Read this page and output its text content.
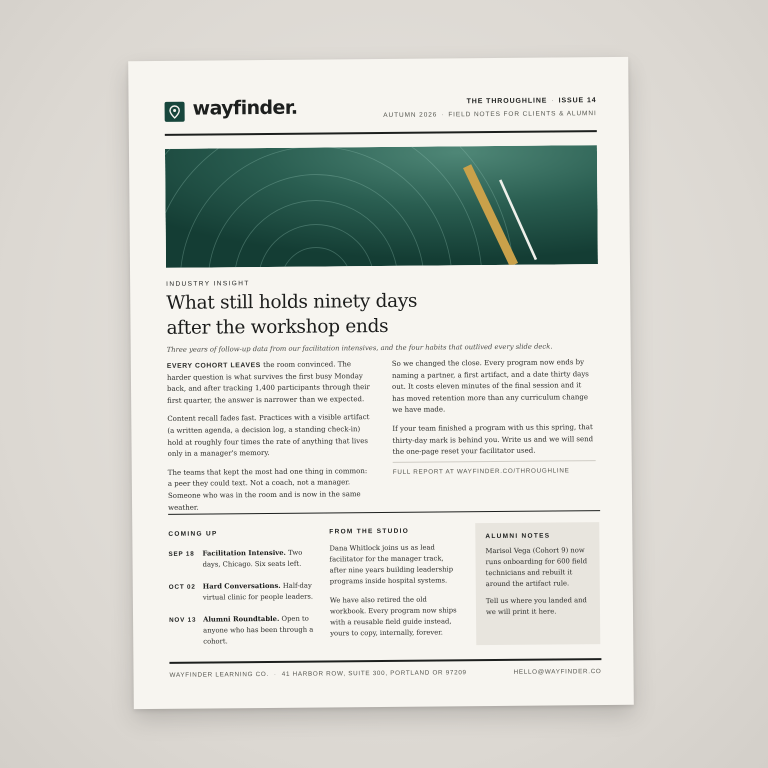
wayfinder.	THE THROUGHLINE · ISSUE 14
AUTUMN 2026 · FIELD NOTES FOR CLIENTS & ALUMNI
INDUSTRY INSIGHT
What still holds ninety days after the workshop ends
Three years of follow-up data from our facilitation intensives, and the four habits that outlived every slide deck.

EVERY COHORT LEAVES the room convinced. The harder question is what survives the first busy Monday back, and after tracking 1,400 participants through their first quarter, the answer is narrower than we expected.

Content recall fades fast. Practices with a visible artifact (a written agenda, a decision log, a standing check-in) hold at roughly four times the rate of anything that lives only in a manager's memory.

The teams that kept the most had one thing in common: a peer they could text. Not a coach, not a manager. Someone who was in the room and is now in the same weather.

So we changed the close. Every program now ends by naming a partner, a first artifact, and a date thirty days out. It costs eleven minutes of the final session and it has moved retention more than any curriculum change we have made.

If your team finished a program with us this spring, that thirty-day mark is behind you. Write us and we will send the one-page reset your facilitator used.

FULL REPORT AT WAYFINDER.CO/THROUGHLINE
COMING UP
SEP 18 Facilitation Intensive. Two days, Chicago. Six seats left.
OCT 02 Hard Conversations. Half-day virtual clinic for people leaders.
NOV 13 Alumni Roundtable. Open to anyone who has been through a cohort.
FROM THE STUDIO

Dana Whitlock joins us as lead facilitator for the manager track, after nine years building leadership programs inside hospital systems.

We have also retired the old workbook. Every program now ships with a reusable field guide instead, yours to copy, internally, forever.

ALUMNI NOTES

Marisol Vega (Cohort 9) now runs onboarding for 600 field technicians and rebuilt it around the artifact rule.

Tell us where you landed and we will print it here.

WAYFINDER LEARNING CO. · 41 HARBOR ROW, SUITE 300, PORTLAND OR 97209	HELLO@WAYFINDER.CO
